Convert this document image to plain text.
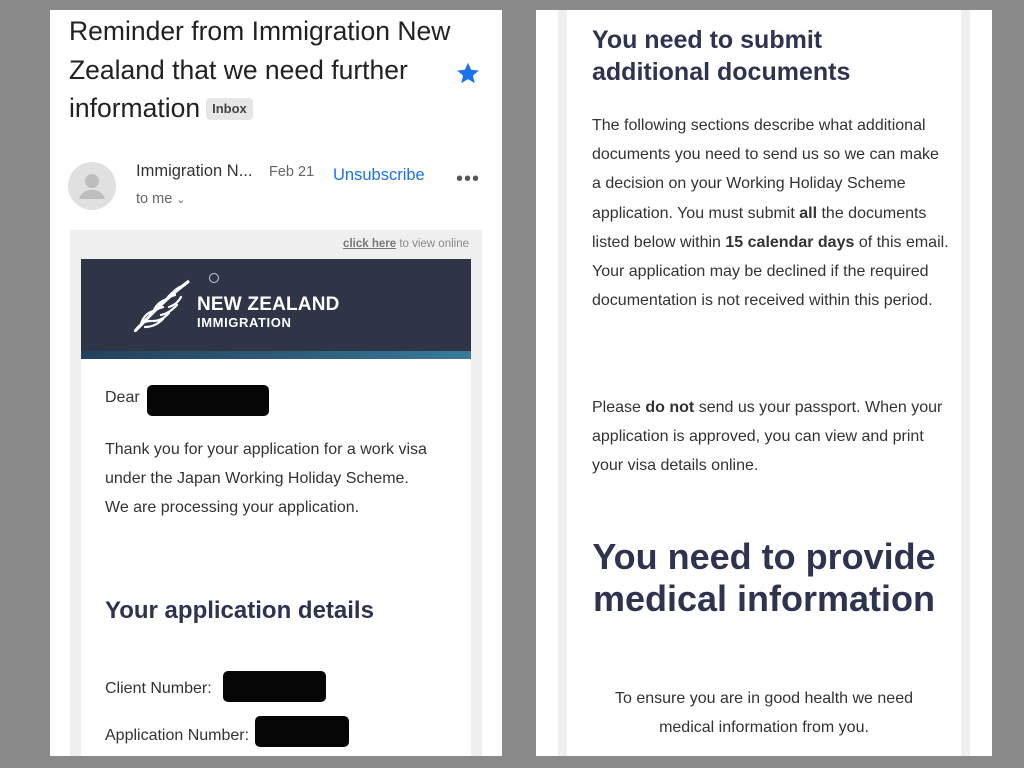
Reminder from Immigration New Zealand that we need further information Inbox
Immigration N... Feb 21 Unsubscribe •••
to me ⌄
click here to view online
NEW ZEALAND
IMMIGRATION
Dear
Thank you for your application for a work visa under the Japan Working Holiday Scheme. We are processing your application.
Your application details
Client Number:
Application Number:
You need to submit additional documents
The following sections describe what additional documents you need to send us so we can make a decision on your Working Holiday Scheme application. You must submit all the documents listed below within 15 calendar days of this email. Your application may be declined if the required documentation is not received within this period.
Please do not send us your passport. When your application is approved, you can view and print your visa details online.
You need to provide medical information
To ensure you are in good health we need medical information from you.
